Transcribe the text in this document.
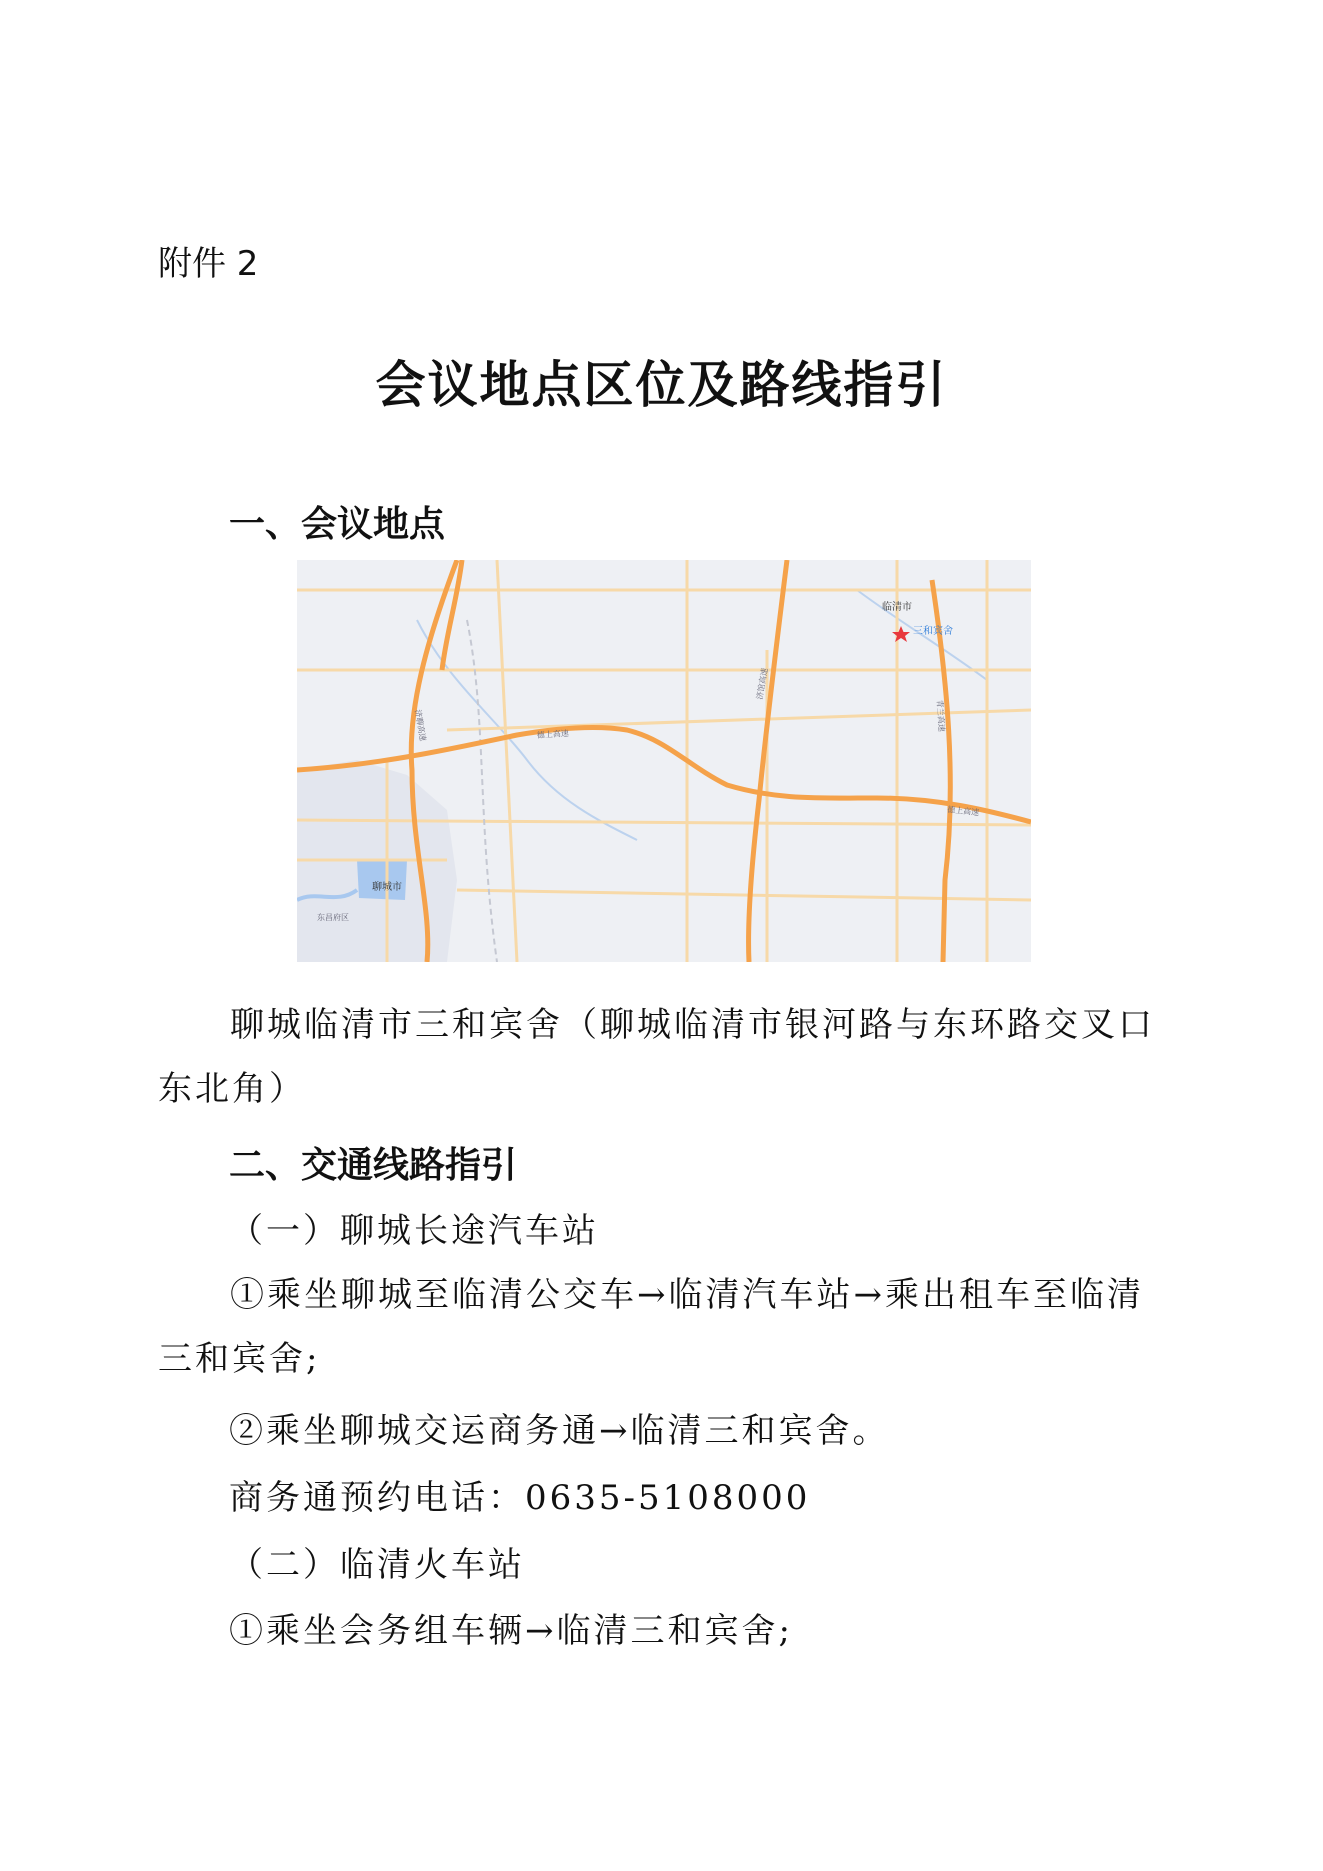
附件 2
会议地点区位及路线指引
一、会议地点
三和宾舍
聊城市
临清市
东昌府区
德上高速
德上高速
济聊高速
济馆高速
青兰高速
聊城临清市三和宾舍（聊城临清市银河路与东环路交叉口东北角）
二、交通线路指引
（一）聊城长途汽车站
①乘坐聊城至临清公交车→临清汽车站→乘出租车至临清三和宾舍;
②乘坐聊城交运商务通→临清三和宾舍。
商务通预约电话：0635-5108000
（二）临清火车站
①乘坐会务组车辆→临清三和宾舍;
